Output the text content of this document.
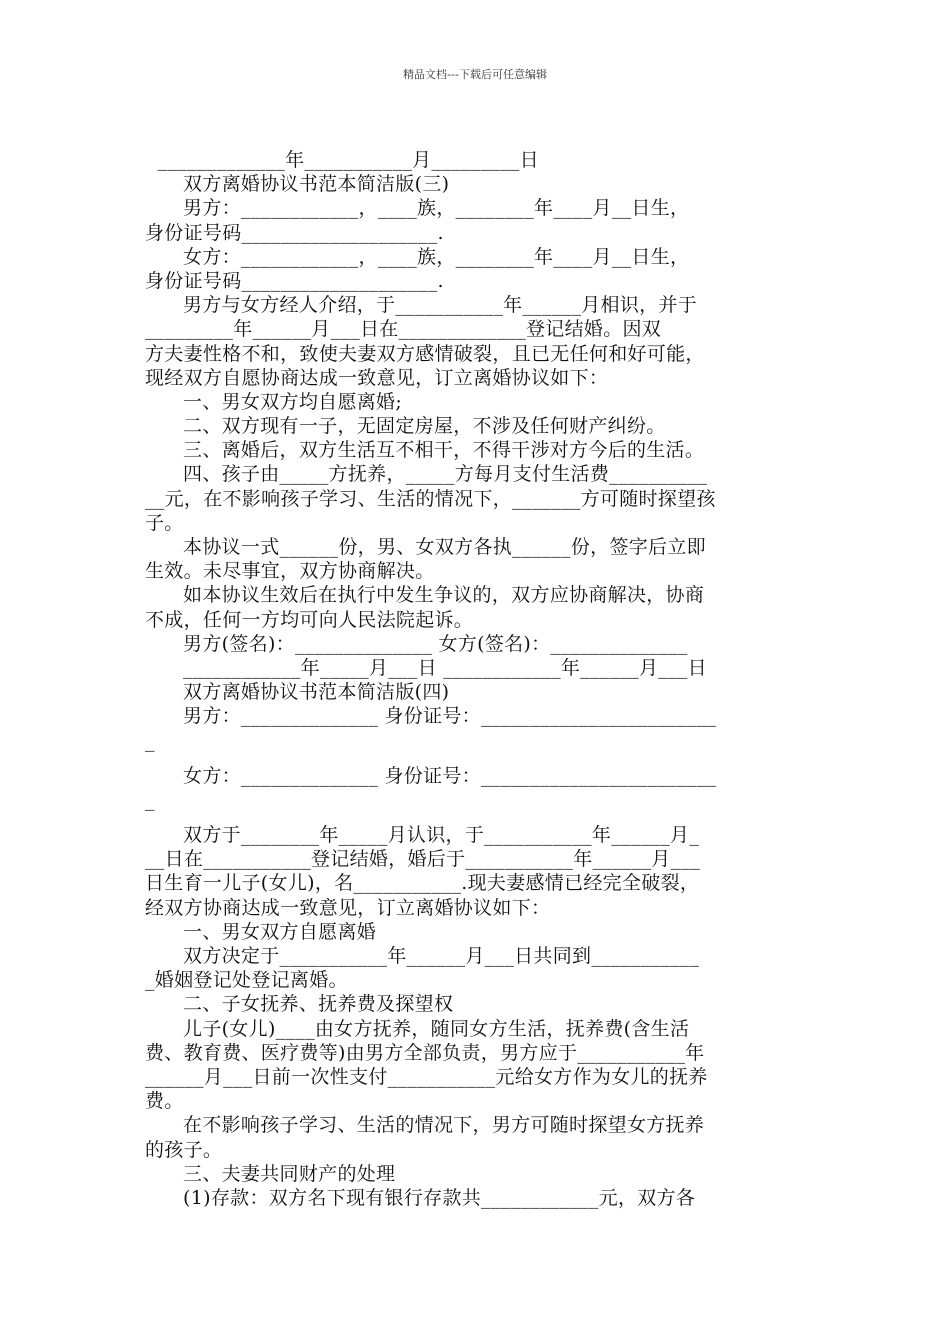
精品文档---下载后可任意编辑
_____________年___________月_________日
双方离婚协议书范本简洁版(三)
男方：____________，____族，________年____月__日生，
身份证号码____________________.
女方：____________，____族，________年____月__日生，
身份证号码____________________.
男方与女方经人介绍，于___________年______月相识，并于
_________年______月___日在_____________登记结婚。因双
方夫妻性格不和，致使夫妻双方感情破裂，且已无任何和好可能，
现经双方自愿协商达成一致意见，订立离婚协议如下：
一、男女双方均自愿离婚;
二、双方现有一子，无固定房屋，不涉及任何财产纠纷。
三、离婚后，双方生活互不相干，不得干涉对方今后的生活。
四、孩子由_____方抚养，_____方每月支付生活费__________
__元，在不影响孩子学习、生活的情况下，_______方可随时探望孩
子。
本协议一式______份，男、女双方各执______份，签字后立即
生效。未尽事宜，双方协商解决。
如本协议生效后在执行中发生争议的，双方应协商解决，协商
不成，任何一方均可向人民法院起诉。
男方(签名)：______________ 女方(签名)：______________
____________年_____月___日 ____________年______月___日
双方离婚协议书范本简洁版(四)
男方：______________ 身份证号：________________________
_
女方：______________ 身份证号：________________________
_
双方于________年_____月认识，于___________年______月_
__日在___________登记结婚，婚后于___________年______月___
日生育一儿子(女儿)，名___________.现夫妻感情已经完全破裂，
经双方协商达成一致意见，订立离婚协议如下：
一、男女双方自愿离婚
双方决定于___________年______月___日共同到___________
_婚姻登记处登记离婚。
二、子女抚养、抚养费及探望权
儿子(女儿)____由女方抚养，随同女方生活，抚养费(含生活
费、教育费、医疗费等)由男方全部负责，男方应于___________年
______月___日前一次性支付___________元给女方作为女儿的抚养
费。
在不影响孩子学习、生活的情况下，男方可随时探望女方抚养
的孩子。
三、夫妻共同财产的处理
(1)存款：双方名下现有银行存款共____________元，双方各
